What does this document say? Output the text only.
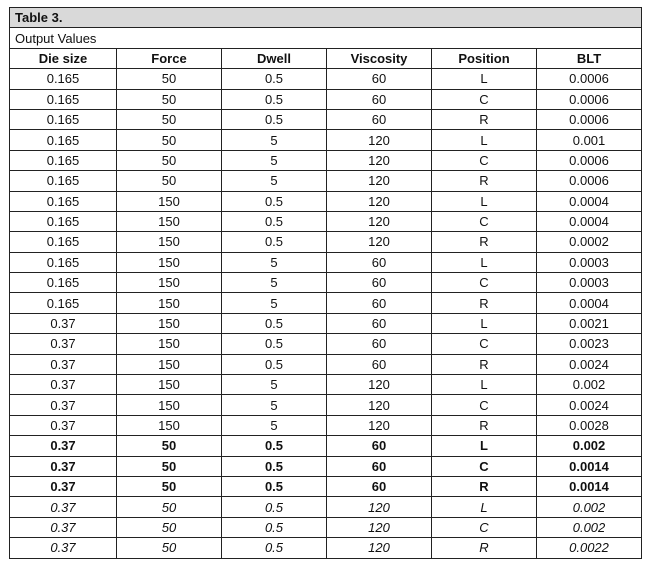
Table 3.					
Output Values					
Die size	Force	Dwell	Viscosity	Position	BLT
0.165	50	0.5	60	L	0.0006
0.165	50	0.5	60	C	0.0006
0.165	50	0.5	60	R	0.0006
0.165	50	5	120	L	0.001
0.165	50	5	120	C	0.0006
0.165	50	5	120	R	0.0006
0.165	150	0.5	120	L	0.0004
0.165	150	0.5	120	C	0.0004
0.165	150	0.5	120	R	0.0002
0.165	150	5	60	L	0.0003
0.165	150	5	60	C	0.0003
0.165	150	5	60	R	0.0004
0.37	150	0.5	60	L	0.0021
0.37	150	0.5	60	C	0.0023
0.37	150	0.5	60	R	0.0024
0.37	150	5	120	L	0.002
0.37	150	5	120	C	0.0024
0.37	150	5	120	R	0.0028
0.37	50	0.5	60	L	0.002
0.37	50	0.5	60	C	0.0014
0.37	50	0.5	60	R	0.0014
0.37	50	0.5	120	L	0.002
0.37	50	0.5	120	C	0.002
0.37	50	0.5	120	R	0.0022
